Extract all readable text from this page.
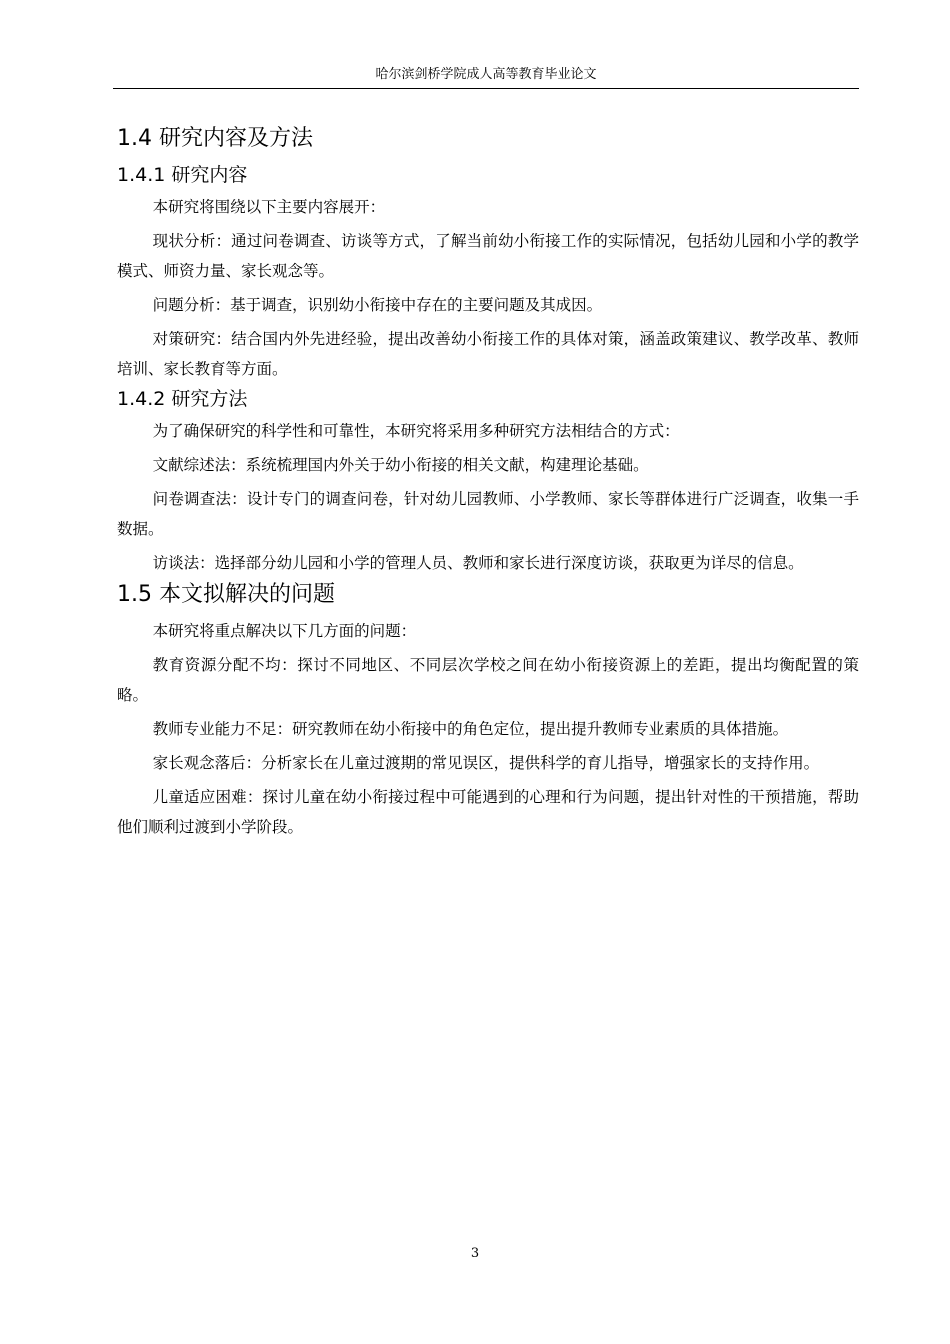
哈尔滨剑桥学院成人高等教育毕业论文
1.4 研究内容及方法
1.4.1 研究内容

本研究将围绕以下主要内容展开：

现状分析：通过问卷调查、访谈等方式，了解当前幼小衔接工作的实际情况，包括幼儿园和小学的教学模式、师资力量、家长观念等。

问题分析：基于调查，识别幼小衔接中存在的主要问题及其成因。

对策研究：结合国内外先进经验，提出改善幼小衔接工作的具体对策，涵盖政策建议、教学改革、教师培训、家长教育等方面。

1.4.2 研究方法

为了确保研究的科学性和可靠性，本研究将采用多种研究方法相结合的方式：

文献综述法：系统梳理国内外关于幼小衔接的相关文献，构建理论基础。

问卷调查法：设计专门的调查问卷，针对幼儿园教师、小学教师、家长等群体进行广泛调查，收集一手数据。

访谈法：选择部分幼儿园和小学的管理人员、教师和家长进行深度访谈，获取更为详尽的信息。

1.5 本文拟解决的问题

本研究将重点解决以下几方面的问题：

教育资源分配不均：探讨不同地区、不同层次学校之间在幼小衔接资源上的差距，提出均衡配置的策略。

教师专业能力不足：研究教师在幼小衔接中的角色定位，提出提升教师专业素质的具体措施。

家长观念落后：分析家长在儿童过渡期的常见误区，提供科学的育儿指导，增强家长的支持作用。

儿童适应困难：探讨儿童在幼小衔接过程中可能遇到的心理和行为问题，提出针对性的干预措施，帮助他们顺利过渡到小学阶段。

3
